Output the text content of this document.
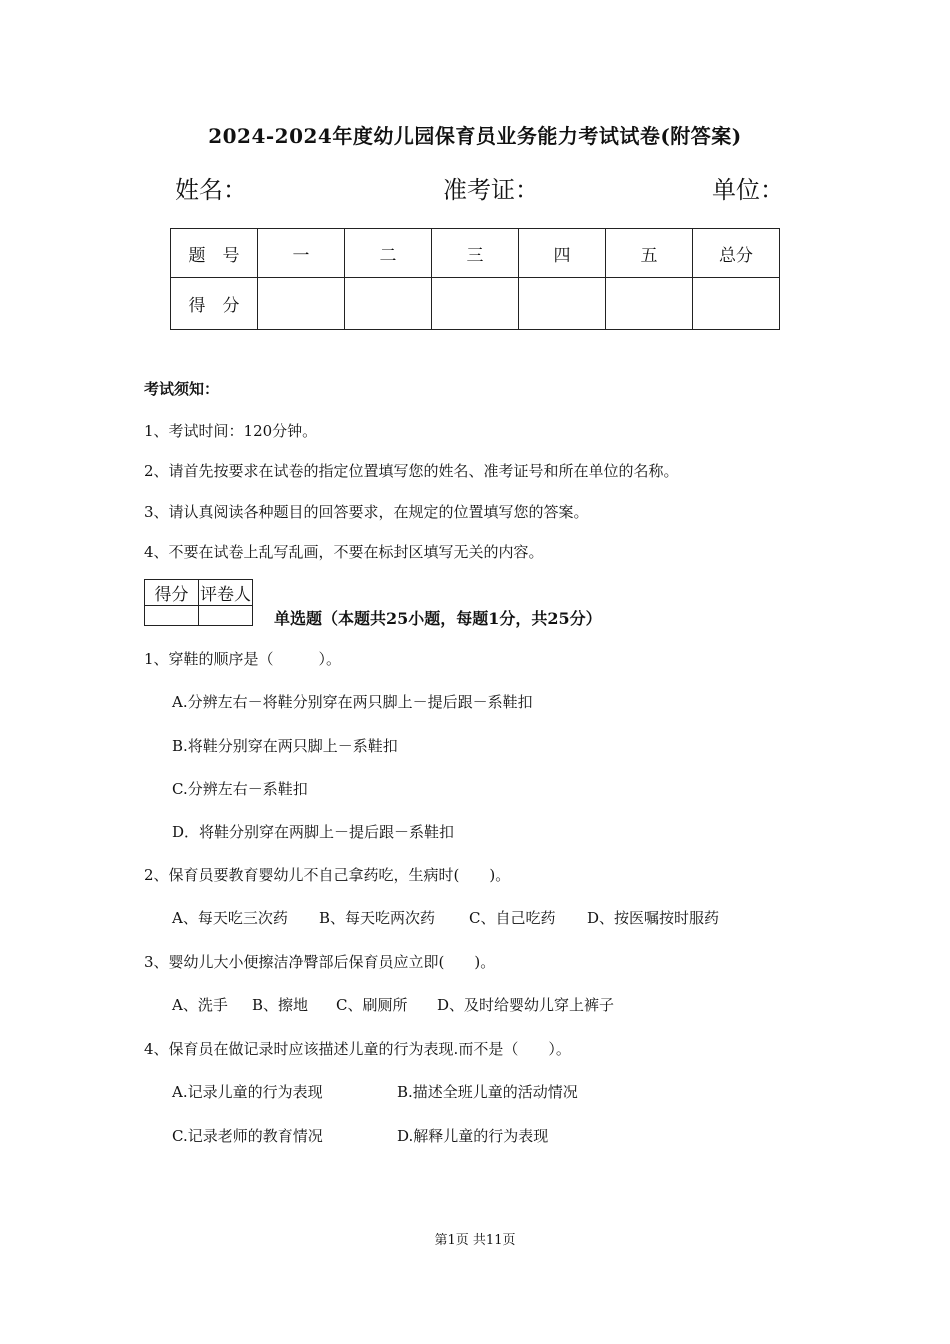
2024-2024年度幼儿园保育员业务能力考试试卷(附答案)
姓名：	准考证：	单位：
题　号	一	二	三	四	五	总分
得　分						
考试须知：
1、考试时间：120分钟。
2、请首先按要求在试卷的指定位置填写您的姓名、准考证号和所在单位的名称。
3、请认真阅读各种题目的回答要求，在规定的位置填写您的答案。
4、不要在试卷上乱写乱画，不要在标封区填写无关的内容。
得分	评卷人

单选题（本题共25小题，每题1分，共25分）
1、穿鞋的顺序是（　　　）。
A.分辨左右－将鞋分别穿在两只脚上－提后跟－系鞋扣
B.将鞋分别穿在两只脚上－系鞋扣
C.分辨左右－系鞋扣
D．将鞋分别穿在两脚上－提后跟－系鞋扣
2、保育员要教育婴幼儿不自己拿药吃，生病时(　　)。
A、每天吃三次药 B、每天吃两次药 C、自己吃药 D、按医嘱按时服药
3、婴幼儿大小便擦洁净臀部后保育员应立即(　　)。
A、洗手 B、擦地 C、刷厕所 D、及时给婴幼儿穿上裤子
4、保育员在做记录时应该描述儿童的行为表现.而不是（　　）。
A.记录儿童的行为表现	B.描述全班儿童的活动情况
C.记录老师的教育情况	D.解释儿童的行为表现
第1页 共11页
